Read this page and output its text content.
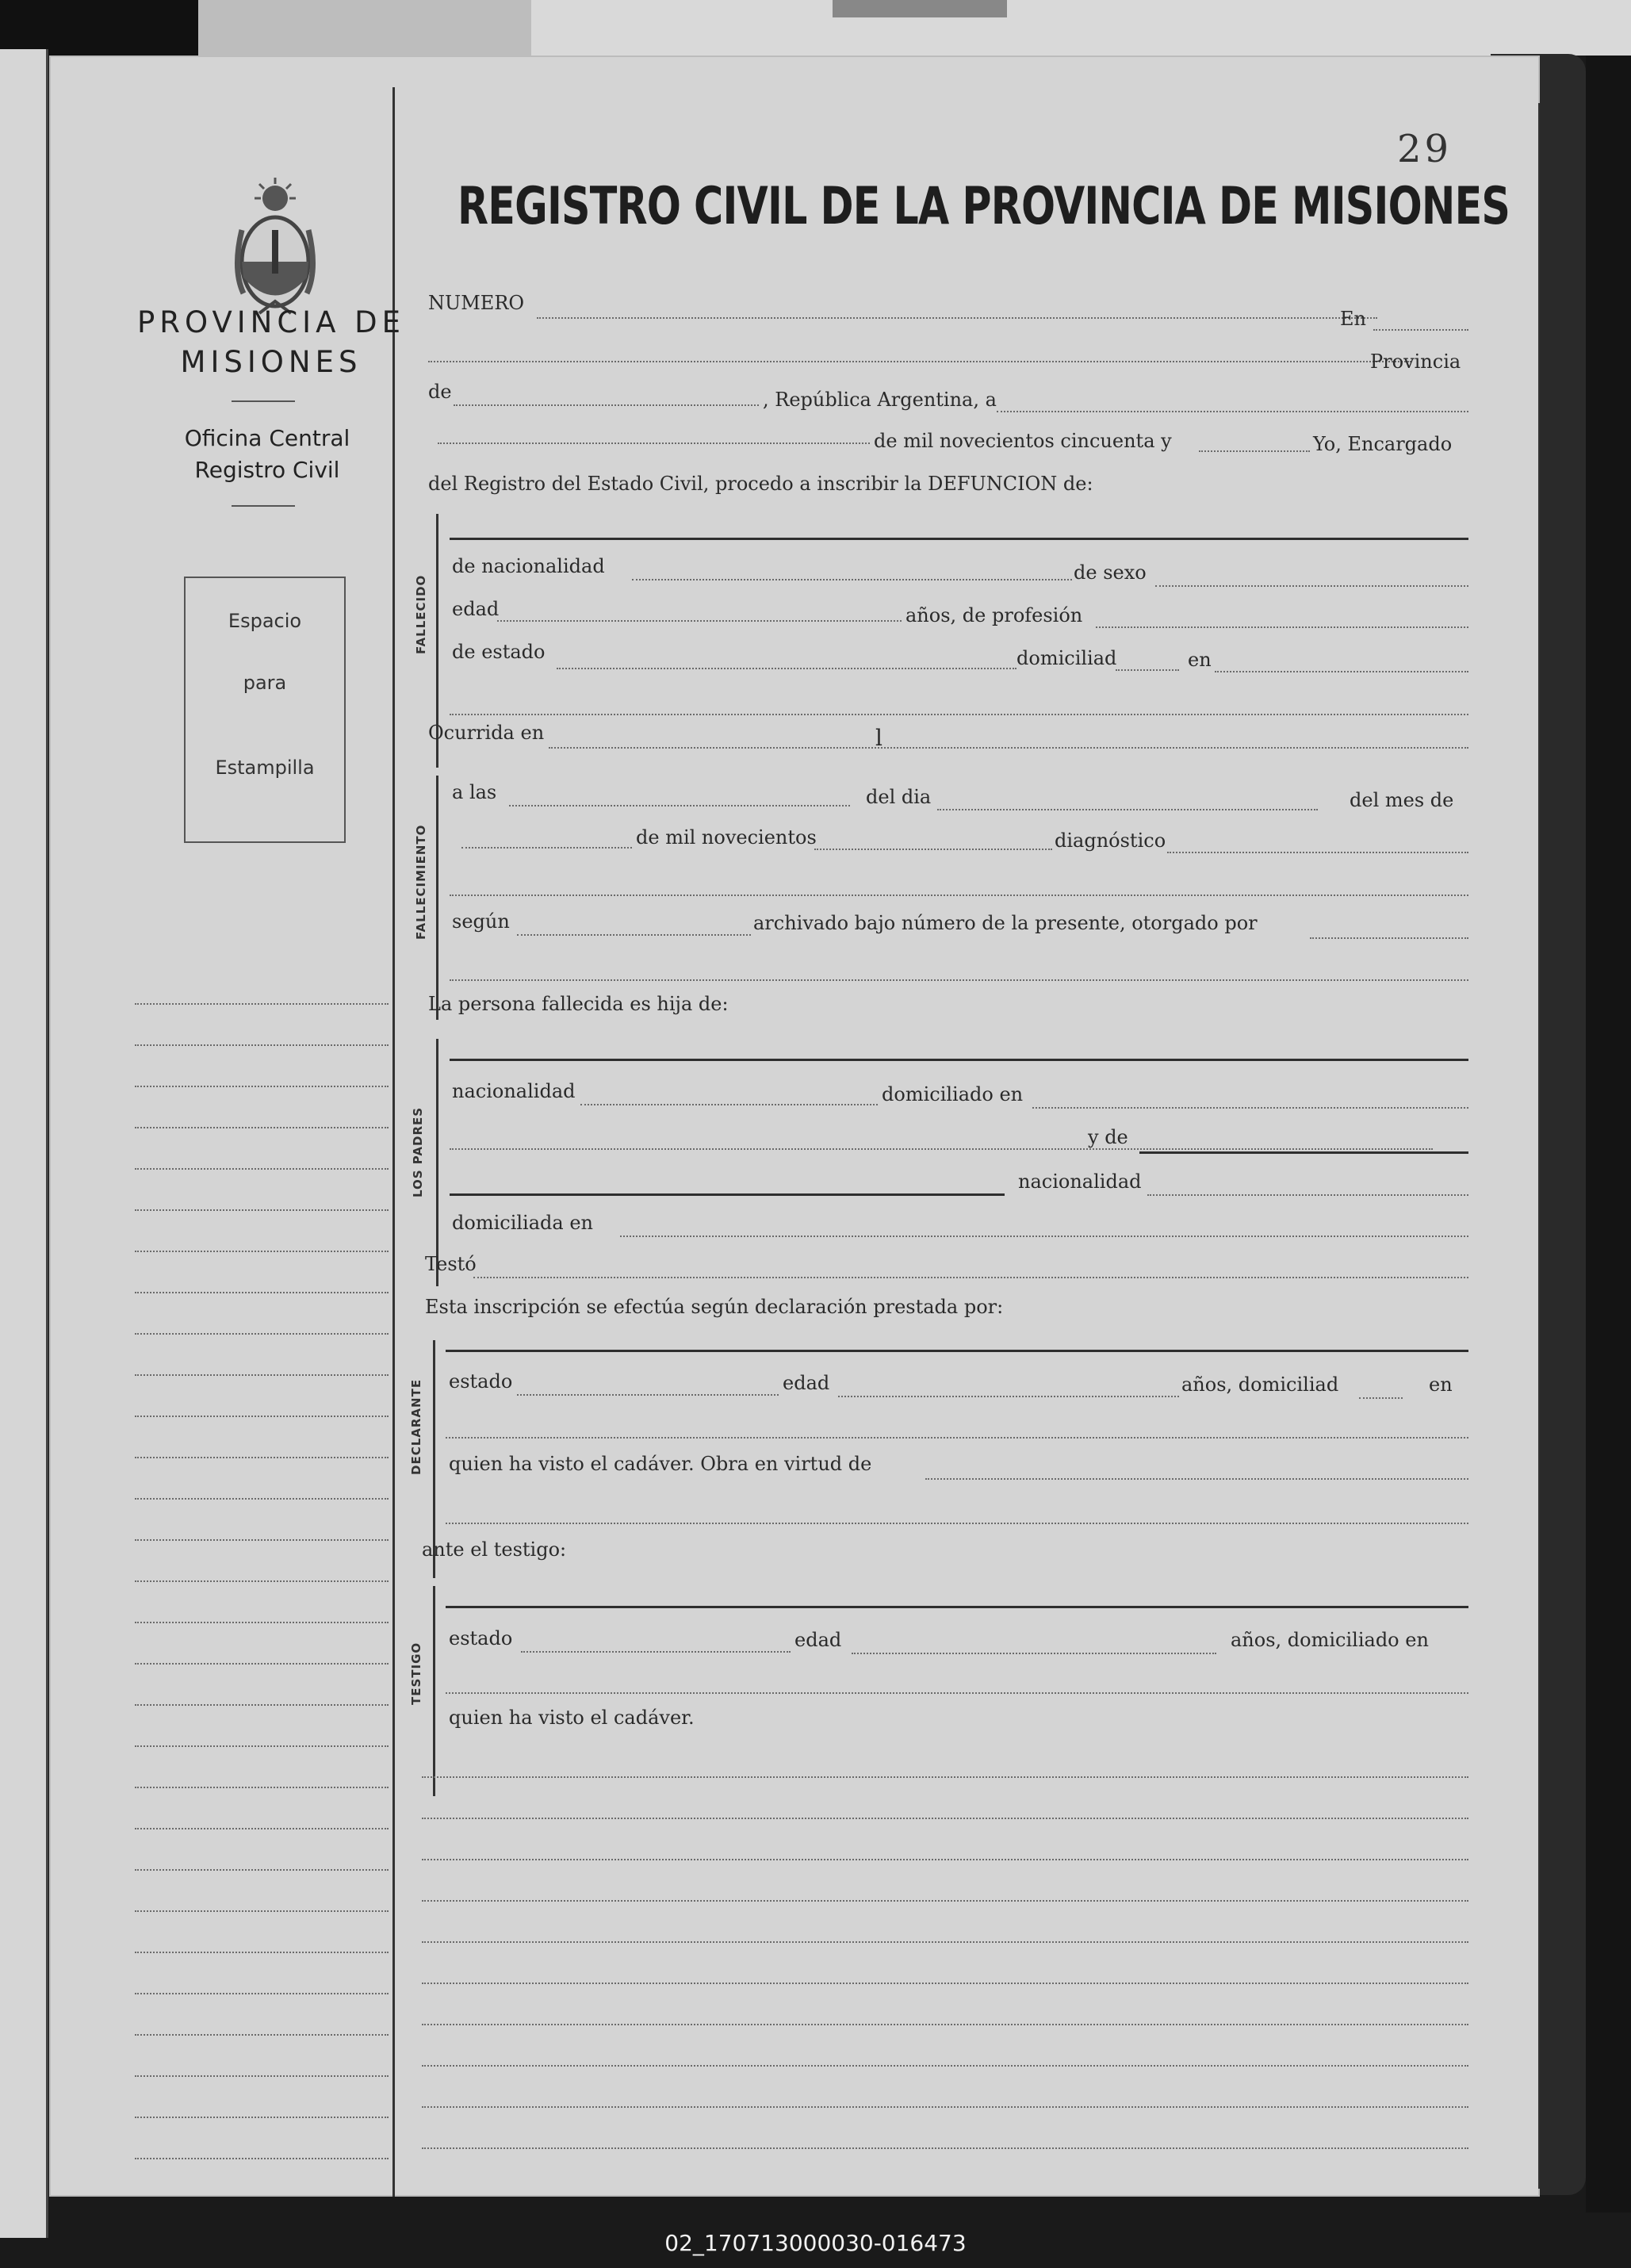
PROVINCIA DE MISIONES
Oficina Central
Registro Civil
Espacio
para
Estampilla
29
REGISTRO CIVIL DE LA PROVINCIA DE MISIONES
NUMERO
En
Provincia
de	, República Argentina, a
de mil novecientos cincuenta y	Yo, Encargado
del Registro del Estado Civil, procedo a inscribir la DEFUNCION de:
FALLECIDO
de nacionalidad	de sexo
edad	años, de profesión
de estado	domiciliad	en
Ocurrida en	l
FALLECIMIENTO
a las	del dia	del mes de
de mil novecientos	diagnóstico
según	archivado bajo número de la presente, otorgado por
La persona fallecida es hija de:
LOS PADRES
nacionalidad	domiciliado en
y de
nacionalidad
domiciliada en
Testó
Esta inscripción se efectúa según declaración prestada por:
DECLARANTE estado	edad	años, domiciliad	en
quien ha visto el cadáver. Obra en virtud de
ante el testigo:
TESTIGO
estado	edad	años, domiciliado en
quien ha visto el cadáver.
02_170713000030-016473
